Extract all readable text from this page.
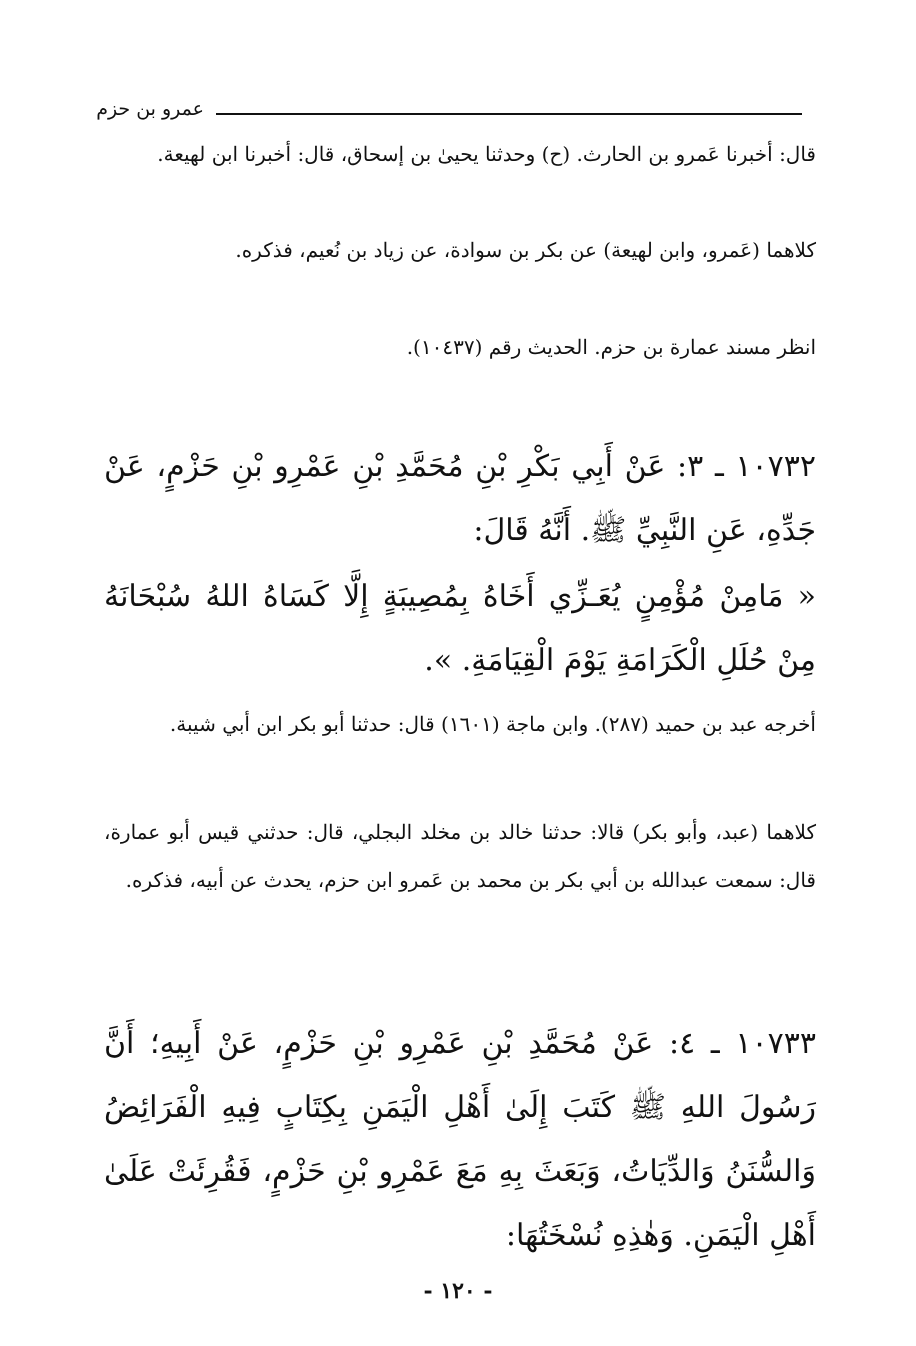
عمرو بن حزم

قال: أخبرنا عَمرو بن الحارث. (ح) وحدثنا يحيىٰ بن إسحاق، قال: أخبرنا ابن لهيعة.

كلاهما (عَمرو، وابن لهيعة) عن بكر بن سوادة، عن زياد بن نُعيم، فذكره.

انظر مسند عمارة بن حزم. الحديث رقم (١٠٤٣٧).

١٠٧٣٢ ـ ٣: عَنْ أَبِي بَكْرِ بْنِ مُحَمَّدِ بْنِ عَمْرِو بْنِ حَزْمٍ، عَنْ جَدِّهِ، عَنِ النَّبِيِّ ﷺ. أَنَّهُ قَالَ:

« مَامِنْ مُؤْمِنٍ يُعَـزِّي أَخَاهُ بِمُصِيبَةٍ إِلَّا كَسَاهُ اللهُ سُبْحَانَهُ مِنْ حُلَلِ الْكَرَامَةِ يَوْمَ الْقِيَامَةِ. ».

أخرجه عبد بن حميد (٢٨٧). وابن ماجة (١٦٠١) قال: حدثنا أبو بكر ابن أبي شيبة.

كلاهما (عبد، وأبو بكر) قالا: حدثنا خالد بن مخلد البجلي، قال: حدثني قيس أبو عمارة، قال: سمعت عبدالله بن أبي بكر بن محمد بن عَمرو ابن حزم، يحدث عن أبيه، فذكره.

١٠٧٣٣ ـ ٤: عَنْ مُحَمَّدِ بْنِ عَمْرِو بْنِ حَزْمٍ، عَنْ أَبِيهِ؛ أَنَّ رَسُولَ اللهِ ﷺ كَتَبَ إِلَىٰ أَهْلِ الْيَمَنِ بِكِتَابٍ فِيهِ الْفَرَائِضُ وَالسُّنَنُ وَالدِّيَاتُ، وَبَعَثَ بِهِ مَعَ عَمْرِو بْنِ حَزْمٍ، فَقُرِئَتْ عَلَىٰ أَهْلِ الْيَمَنِ. وَهٰذِهِ نُسْخَتُهَا:

- ١٢٠ -
